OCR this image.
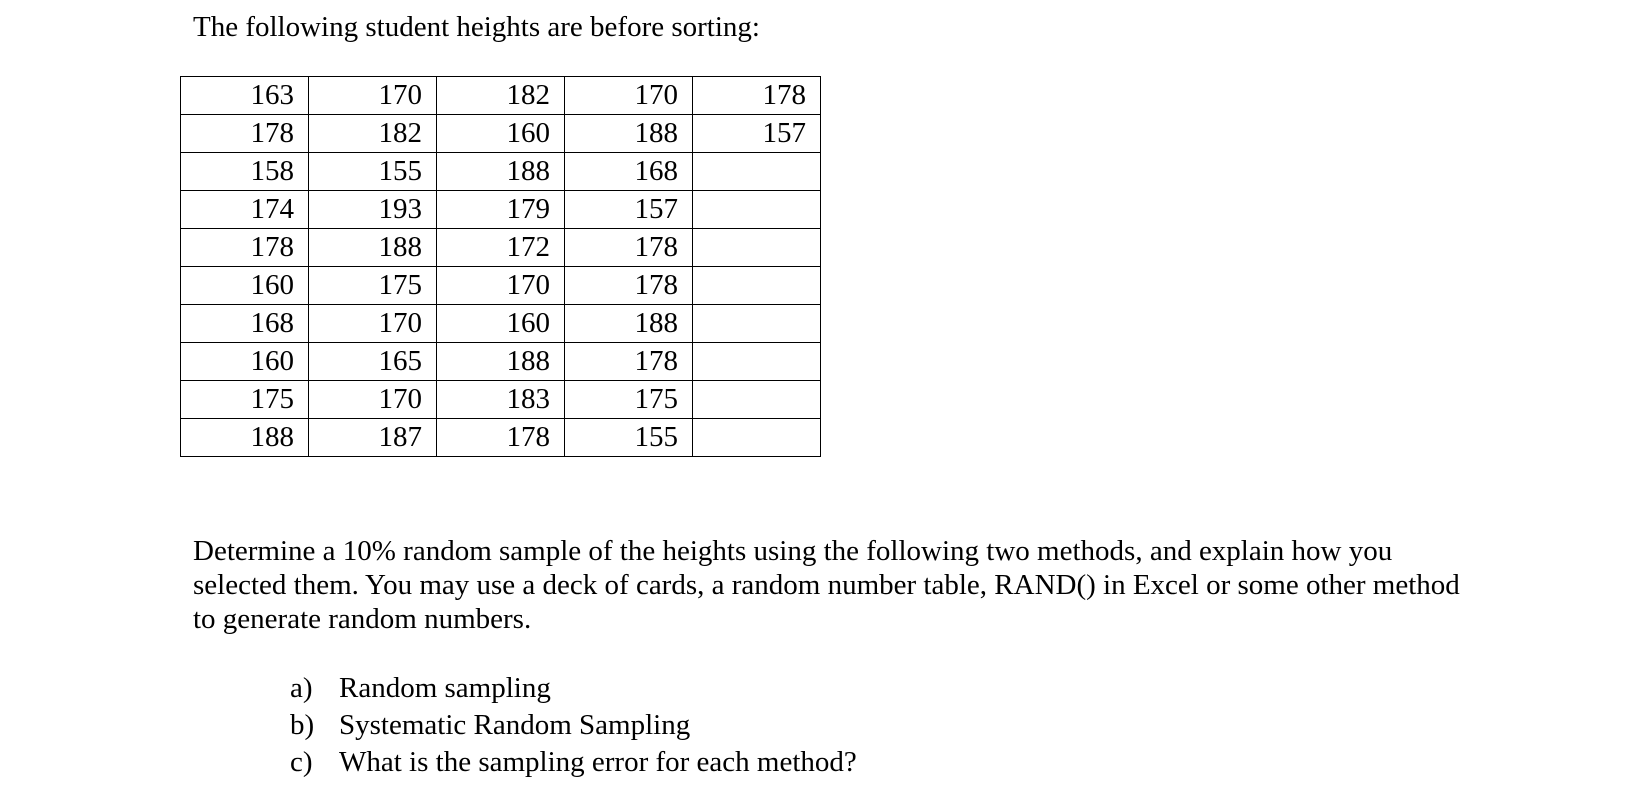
The following student heights are before sorting:
163	170	182	170	178
178	182	160	188	157
158	155	188	168	
174	193	179	157	
178	188	172	178	
160	175	170	178	
168	170	160	188	
160	165	188	178	
175	170	183	175	
188	187	178	155	
Determine a 10% random sample of the heights using the following two methods, and explain how you selected them. You may use a deck of cards, a random number table, RAND() in Excel or some other method to generate random numbers.
a) Random sampling
b) Systematic Random Sampling
c) What is the sampling error for each method?
